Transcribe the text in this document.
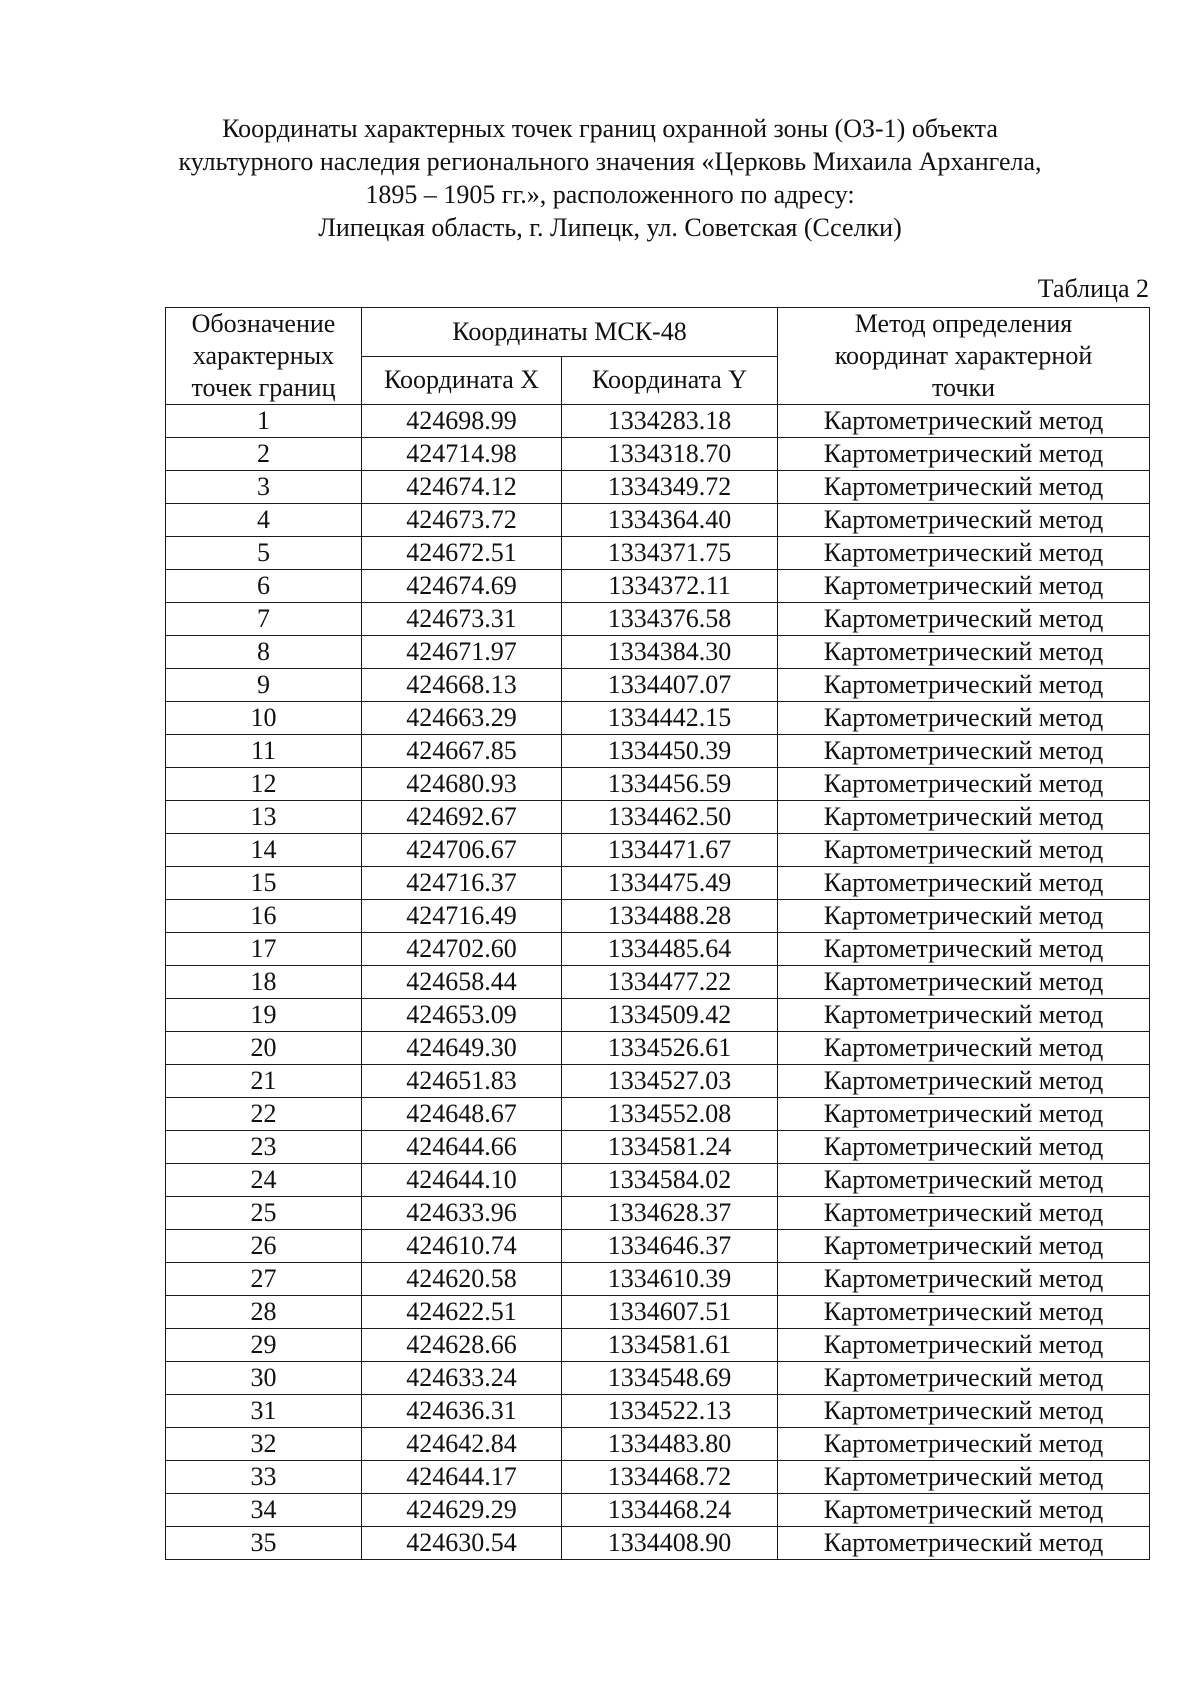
Координаты характерных точек границ охранной зоны (ОЗ-1) объекта
культурного наследия регионального значения «Церковь Михаила Архангела,
1895 – 1905 гг.», расположенного по адресу:
Липецкая область, г. Липецк, ул. Советская (Сселки)
Таблица 2
Обозначение характерных точек границ	Координаты МСК-48		Метод определения координат характерной точки
	Координата X	Координата Y	
1	424698.99	1334283.18	Картометрический метод
2	424714.98	1334318.70	Картометрический метод
3	424674.12	1334349.72	Картометрический метод
4	424673.72	1334364.40	Картометрический метод
5	424672.51	1334371.75	Картометрический метод
6	424674.69	1334372.11	Картометрический метод
7	424673.31	1334376.58	Картометрический метод
8	424671.97	1334384.30	Картометрический метод
9	424668.13	1334407.07	Картометрический метод
10	424663.29	1334442.15	Картометрический метод
11	424667.85	1334450.39	Картометрический метод
12	424680.93	1334456.59	Картометрический метод
13	424692.67	1334462.50	Картометрический метод
14	424706.67	1334471.67	Картометрический метод
15	424716.37	1334475.49	Картометрический метод
16	424716.49	1334488.28	Картометрический метод
17	424702.60	1334485.64	Картометрический метод
18	424658.44	1334477.22	Картометрический метод
19	424653.09	1334509.42	Картометрический метод
20	424649.30	1334526.61	Картометрический метод
21	424651.83	1334527.03	Картометрический метод
22	424648.67	1334552.08	Картометрический метод
23	424644.66	1334581.24	Картометрический метод
24	424644.10	1334584.02	Картометрический метод
25	424633.96	1334628.37	Картометрический метод
26	424610.74	1334646.37	Картометрический метод
27	424620.58	1334610.39	Картометрический метод
28	424622.51	1334607.51	Картометрический метод
29	424628.66	1334581.61	Картометрический метод
30	424633.24	1334548.69	Картометрический метод
31	424636.31	1334522.13	Картометрический метод
32	424642.84	1334483.80	Картометрический метод
33	424644.17	1334468.72	Картометрический метод
34	424629.29	1334468.24	Картометрический метод
35	424630.54	1334408.90	Картометрический метод
